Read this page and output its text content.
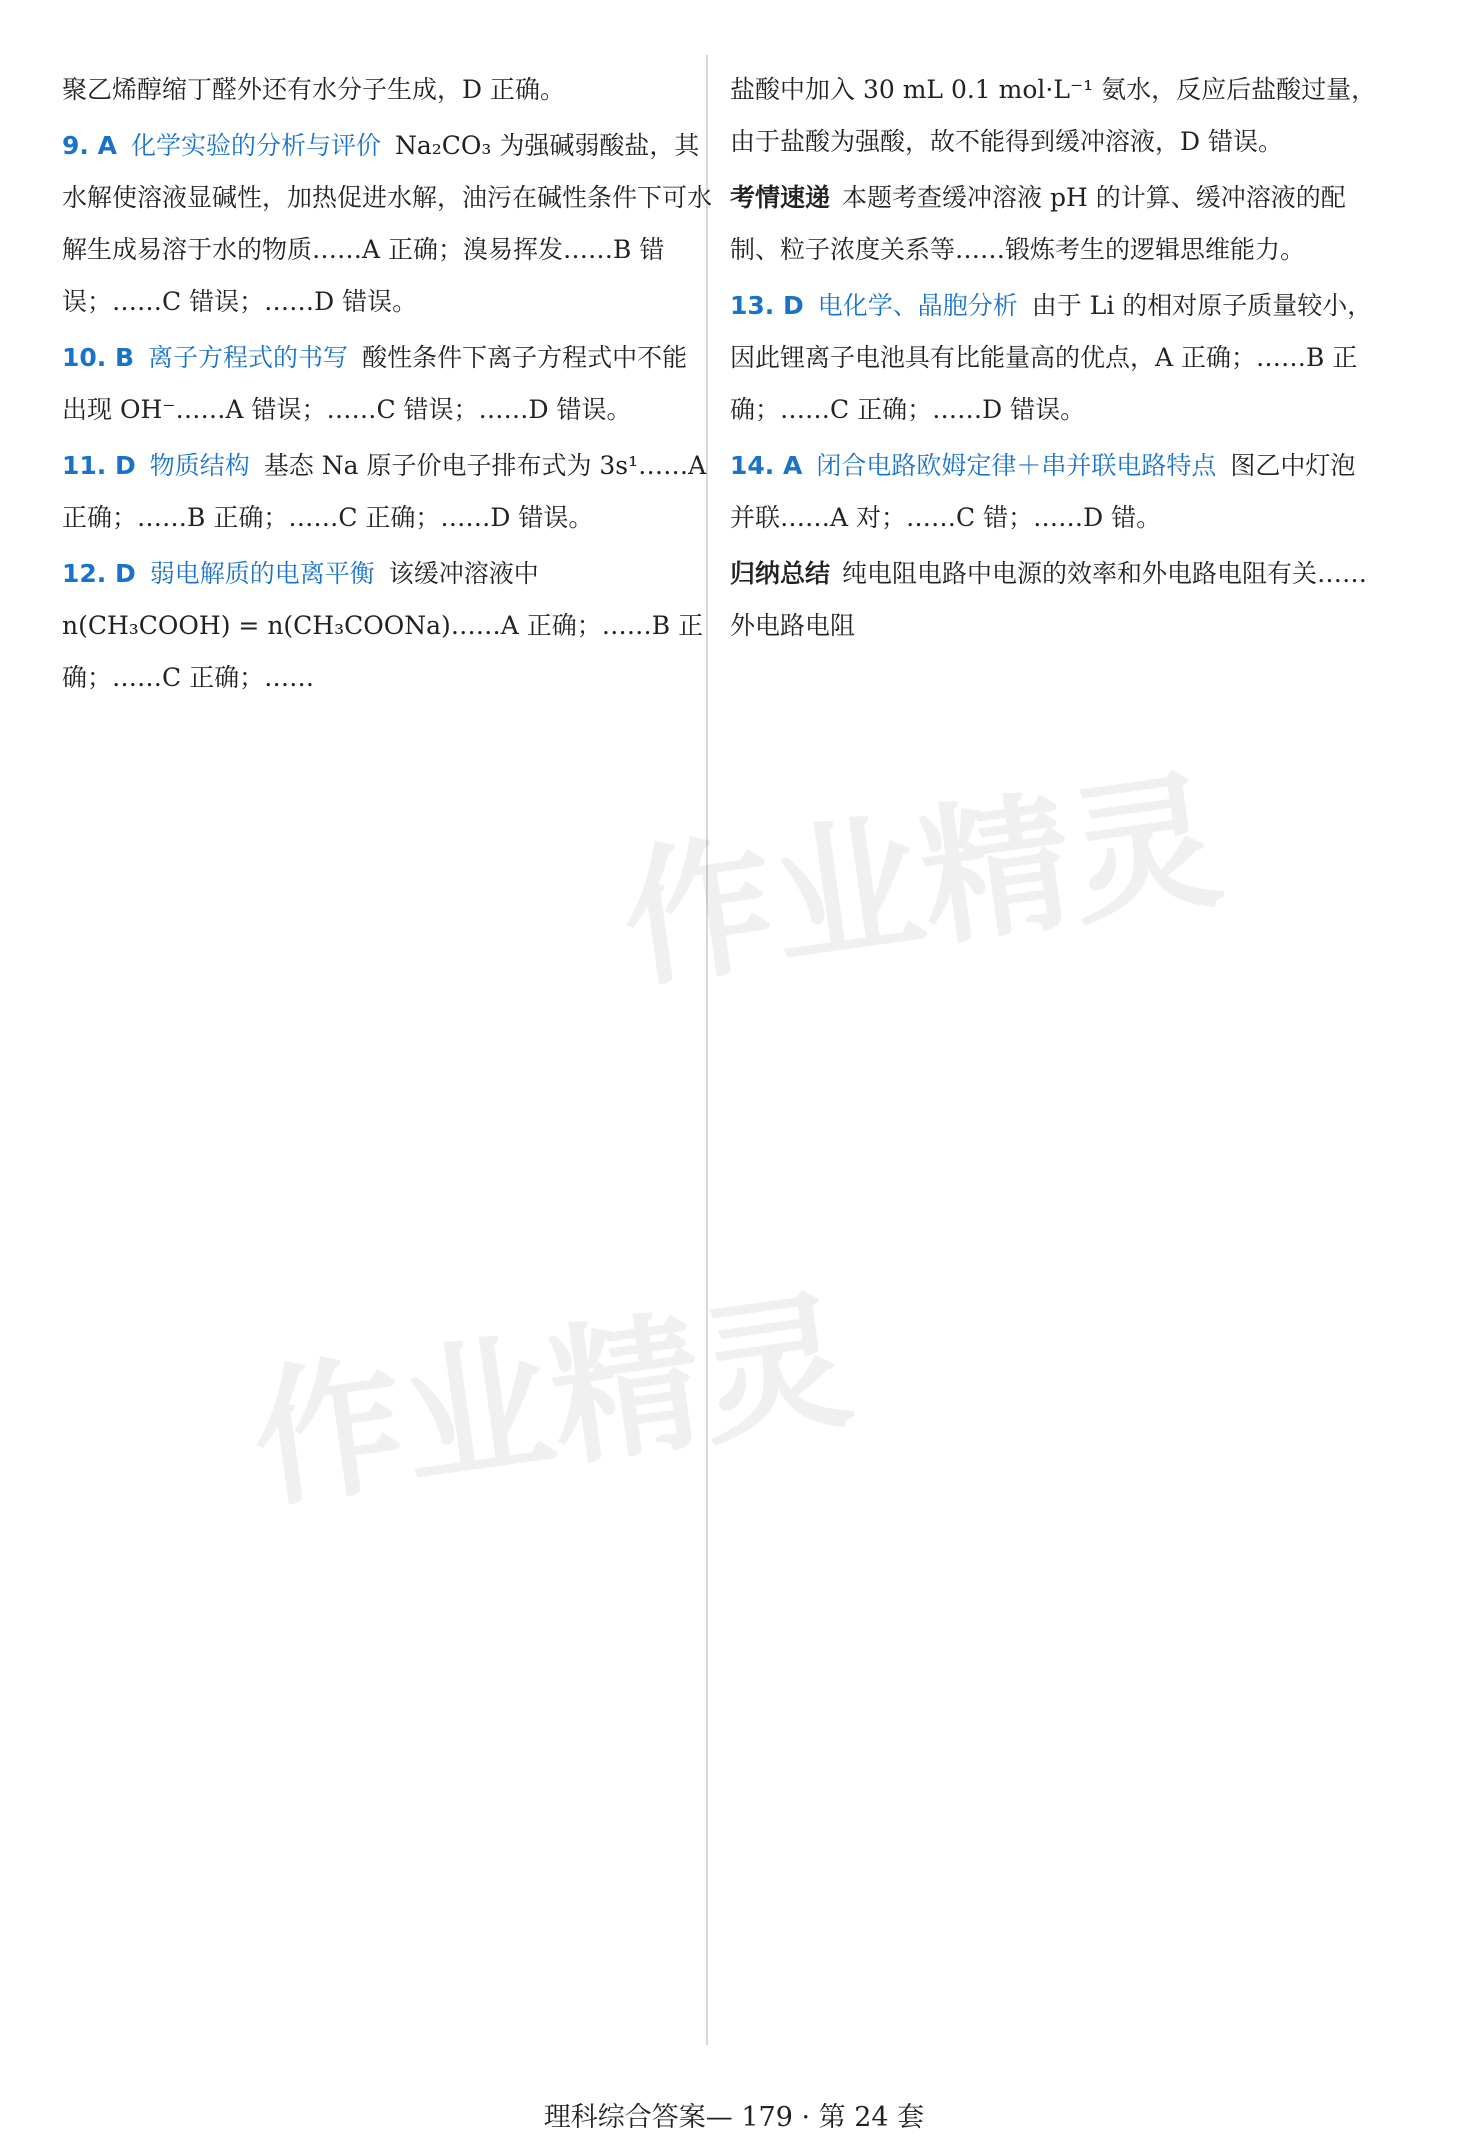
聚乙烯醇缩丁醛外还有水分子生成，D 正确。
9. A 化学实验的分析与评价 Na₂CO₃ 为强碱弱酸盐，其水解使溶液显碱性，加热促进水解，油污在碱性条件下可水解生成易溶于水的物质……A 正确；溴易挥发……B 错误；……C 错误；……D 错误。
10. B 离子方程式的书写 酸性条件下离子方程式中不能出现 OH⁻……A 错误；……C 错误；……D 错误。
11. D 物质结构 基态 Na 原子价电子排布式为 3s¹……A 正确；……B 正确；……C 正确；……D 错误。
12. D 弱电解质的电离平衡 该缓冲溶液中 n(CH₃COOH) = n(CH₃COONa)……A 正确；……B 正确；……C 正确；……
盐酸中加入 30 mL 0.1 mol·L⁻¹ 氨水，反应后盐酸过量，由于盐酸为强酸，故不能得到缓冲溶液，D 错误。
考情速递 本题考查缓冲溶液 pH 的计算、缓冲溶液的配制、粒子浓度关系等……锻炼考生的逻辑思维能力。
13. D 电化学、晶胞分析 由于 Li 的相对原子质量较小，因此锂离子电池具有比能量高的优点，A 正确；……B 正确；……C 正确；……D 错误。
14. A 闭合电路欧姆定律＋串并联电路特点 图乙中灯泡并联……A 对；……C 错；……D 错。
归纳总结 纯电阻电路中电源的效率和外电路电阻有关……外电路电阻
作业精灵
作业精灵
理科综合答案— 179 · 第 24 套
